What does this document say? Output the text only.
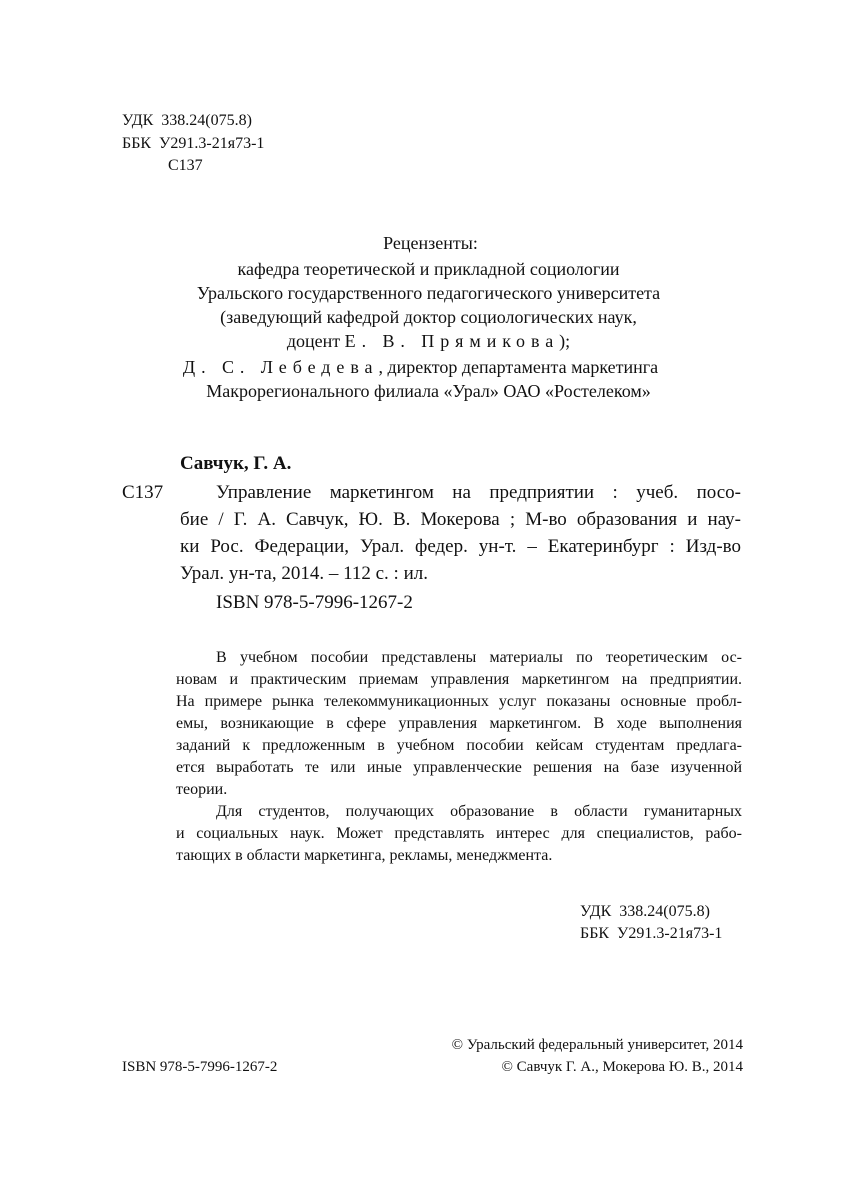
УДК 338.24(075.8)
ББК У291.3-21я73-1
С137
Рецензенты:
кафедра теоретической и прикладной социологии
Уральского государственного педагогического университета
(заведующий кафедрой доктор социологических наук,
доцент Е. В. Прямикова);
Д. С. Лебедева, директор департамента маркетинга
Макрорегионального филиала «Урал» ОАО «Ростелеком»
Савчук, Г. А.
С137	Управление маркетингом на предприятии : учеб. посо-
бие / Г. А. Савчук, Ю. В. Мокерова ; М-во образования и нау-
ки Рос. Федерации, Урал. федер. ун-т. – Екатеринбург : Изд-во
Урал. ун-та, 2014. – 112 с. : ил.
ISBN 978-5-7996-1267-2
В учебном пособии представлены материалы по теоретическим ос-
новам и практическим приемам управления маркетингом на предприятии.
На примере рынка телекоммуникационных услуг показаны основные пробл-
емы, возникающие в сфере управления маркетингом. В ходе выполнения
заданий к предложенным в учебном пособии кейсам студентам предлага-
ется выработать те или иные управленческие решения на базе изученной
теории.
Для студентов, получающих образование в области гуманитарных
и социальных наук. Может представлять интерес для специалистов, рабо-
тающих в области маркетинга, рекламы, менеджмента.
УДК 338.24(075.8)
ББК У291.3-21я73-1
© Уральский федеральный университет, 2014
ISBN 978-5-7996-1267-2	© Савчук Г. А., Мокерова Ю. В., 2014
